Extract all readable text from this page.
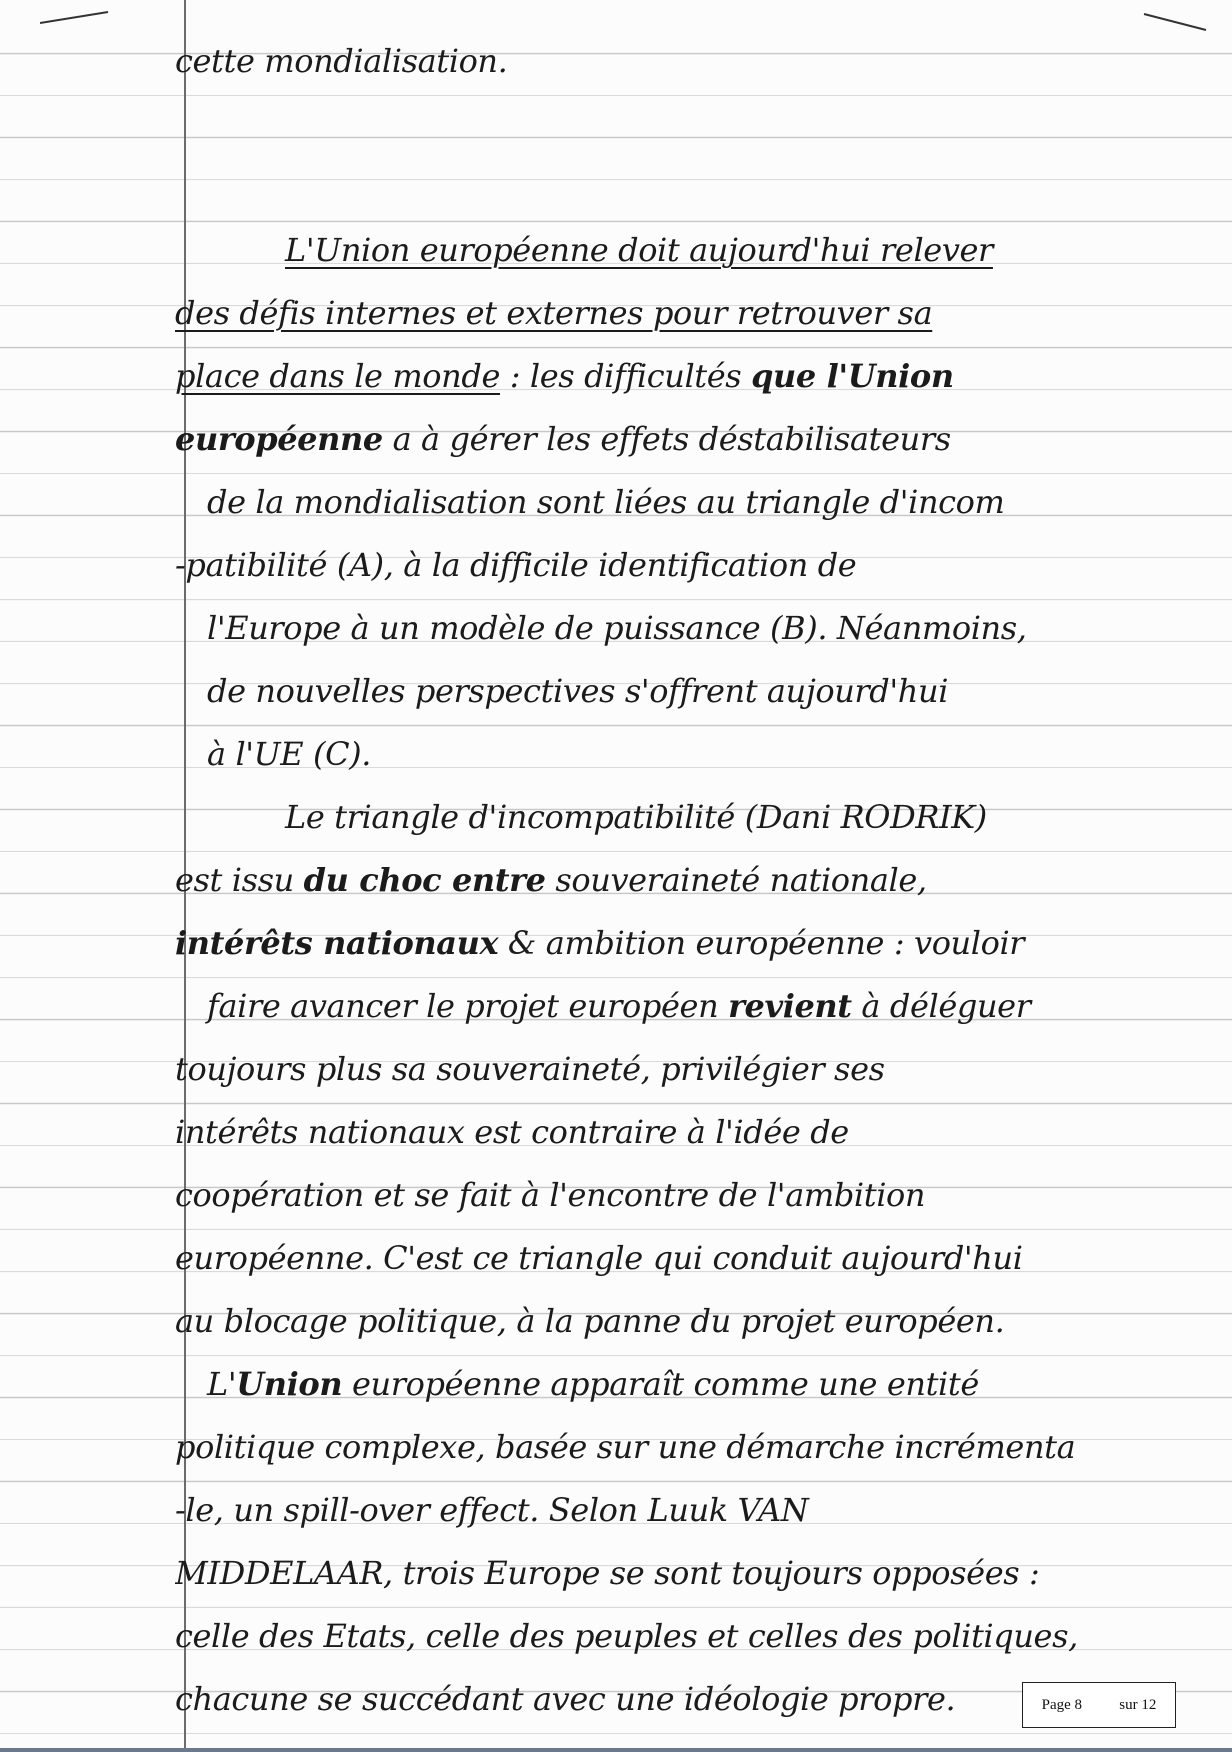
cette mondialisation.
L'Union européenne doit aujourd'hui relever
des défis internes et externes pour retrouver sa
place dans le monde : les difficultés que l'Union
européenne a à gérer les effets déstabilisateurs
de la mondialisation sont liées au triangle d'incom
-patibilité (A), à la difficile identification de
l'Europe à un modèle de puissance (B). Néanmoins,
de nouvelles perspectives s'offrent aujourd'hui
à l'UE (C).
Le triangle d'incompatibilité (Dani RODRIK)
est issu du choc entre souveraineté nationale,
intérêts nationaux & ambition européenne : vouloir
faire avancer le projet européen revient à déléguer
toujours plus sa souveraineté, privilégier ses
intérêts nationaux est contraire à l'idée de
coopération et se fait à l'encontre de l'ambition
européenne. C'est ce triangle qui conduit aujourd'hui
au blocage politique, à la panne du projet européen.
L'Union européenne apparaît comme une entité
politique complexe, basée sur une démarche incrémenta
-le, un spill-over effect. Selon Luuk VAN
MIDDELAAR, trois Europe se sont toujours opposées :
celle des Etats, celle des peuples et celles des politiques,
chacune se succédant avec une idéologie propre.	Page 8 sur 12
